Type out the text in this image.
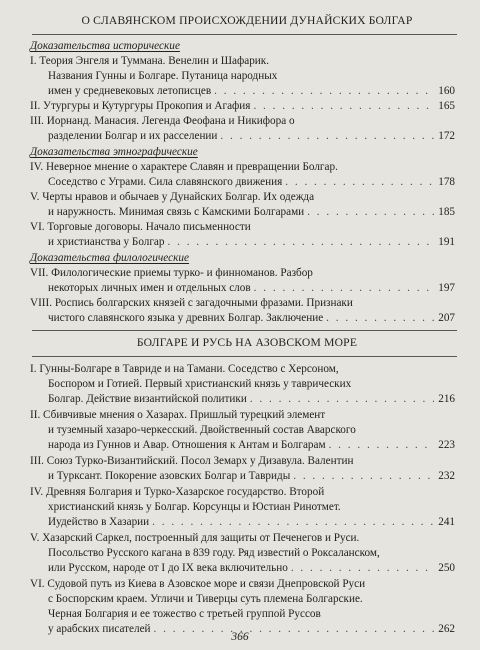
О СЛАВЯНСКОМ ПРОИСХОЖДЕНИИ ДУНАЙСКИХ БОЛГАР
Доказательства исторические
I. Теория Энгеля и Туммана. Венелин и Шафарик.
Названия Гунны и Болгаре. Путаница народных
имен у средневековых летописцев . . .	160
II. Утургуры и Кутургуры Прокопия и Агафия . . .	165
III. Иорнанд. Манасия. Легенда Феофана и Никифора о
разделении Болгар и их расселении . . .	172
Доказательства этнографические
IV. Неверное мнение о характере Славян и превращении Болгар.
Соседство с Уграми. Сила славянского движения . . .	178
V. Черты нравов и обычаев у Дунайских Болгар. Их одежда
и наружность. Минимая связь с Камскими Болгарами . . .	185
VI. Торговые договоры. Начало письменности
и христианства у Болгар . . .	191
Доказательства филологические
VII. Филологические приемы турко- и финноманов. Разбор
некоторых личных имен и отдельных слов . . .	197
VIII. Роспись болгарских князей с загадочными фразами. Признаки
чистого славянского языка у древних Болгар. Заключение . . .	207
БОЛГАРЕ И РУСЬ НА АЗОВСКОМ МОРЕ
I. Гунны-Болгаре в Тавриде и на Тамани. Соседство с Херсоном,
Боспором и Готией. Первый христианский князь у таврических
Болгар. Действие византийской политики . . .	216
II. Сбивчивые мнения о Хазарах. Пришлый турецкий элемент
и туземный хазаро-черкесский. Двойственный состав Аварского
народа из Гуннов и Авар. Отношения к Антам и Болгарам . . .	223
III. Союз Турко-Византийский. Посол Земарх у Дизавула. Валентин
и Турксант. Покорение азовских Болгар и Тавриды . . .	232
IV. Древняя Болгария и Турко-Хазарское государство. Второй
христианский князь у Болгар. Корсунцы и Юстиан Ринотмет.
Иудейство в Хазарии . . .	241
V. Хазарский Саркел, построенный для защиты от Печенегов и Руси.
Посольство Русского кагана в 839 году. Ряд известий о Роксаланском,
или Русском, народе от I до IX века включительно . . .	250
VI. Судовой путь из Киева в Азовское море и связи Днепровской Руси
с Боспорским краем. Угличи и Тиверцы суть племена Болгарские.
Черная Болгария и ее тожество с третьей группой Руссов
у арабских писателей . . .	262
366
